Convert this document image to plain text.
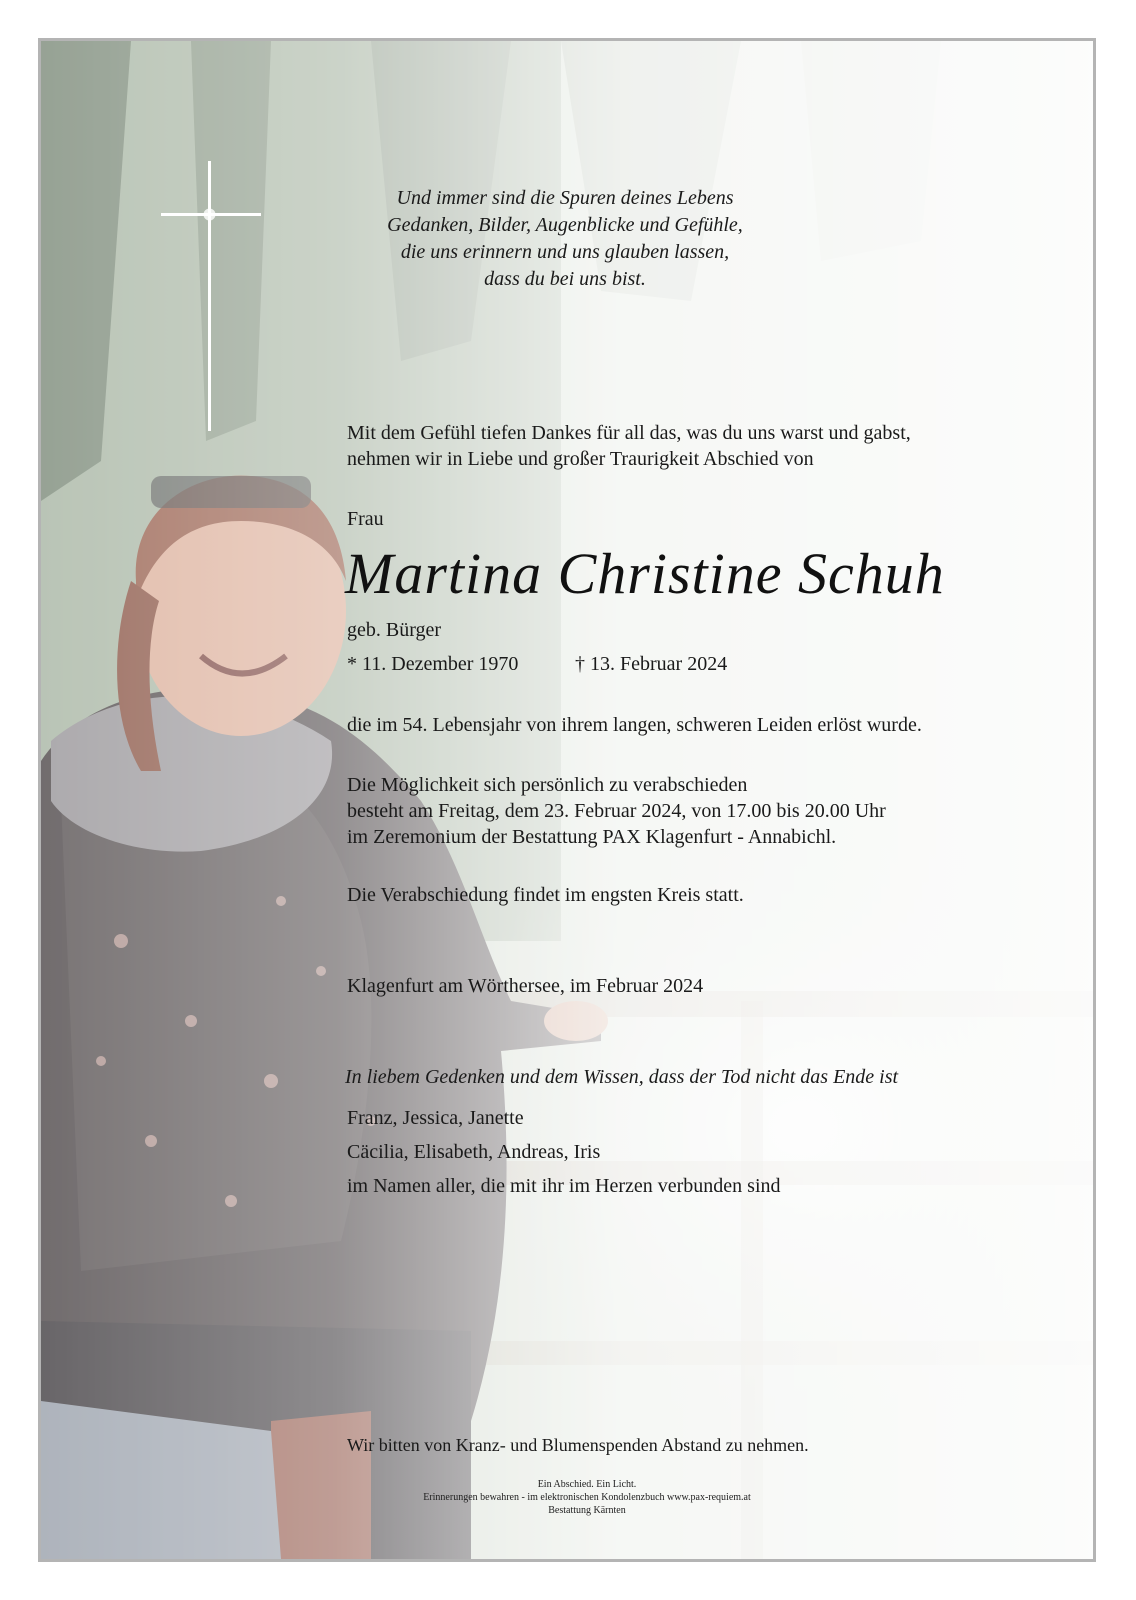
Und immer sind die Spuren deines Lebens
Gedanken, Bilder, Augenblicke und Gefühle,
die uns erinnern und uns glauben lassen,
dass du bei uns bist.
Mit dem Gefühl tiefen Dankes für all das, was du uns warst und gabst,
nehmen wir in Liebe und großer Traurigkeit Abschied von
Frau
Martina Christine Schuh
geb. Bürger
* 11. Dezember 1970	† 13. Februar 2024
die im 54. Lebensjahr von ihrem langen, schweren Leiden erlöst wurde.
Die Möglichkeit sich persönlich zu verabschieden
besteht am Freitag, dem 23. Februar 2024, von 17.00 bis 20.00 Uhr
im Zeremonium der Bestattung PAX Klagenfurt - Annabichl.
Die Verabschiedung findet im engsten Kreis statt.
Klagenfurt am Wörthersee, im Februar 2024
In liebem Gedenken und dem Wissen, dass der Tod nicht das Ende ist
Franz, Jessica, Janette
Cäcilia, Elisabeth, Andreas, Iris
im Namen aller, die mit ihr im Herzen verbunden sind
Wir bitten von Kranz- und Blumenspenden Abstand zu nehmen.
Ein Abschied. Ein Licht.
Erinnerungen bewahren - im elektronischen Kondolenzbuch www.pax-requiem.at
Bestattung Kärnten
